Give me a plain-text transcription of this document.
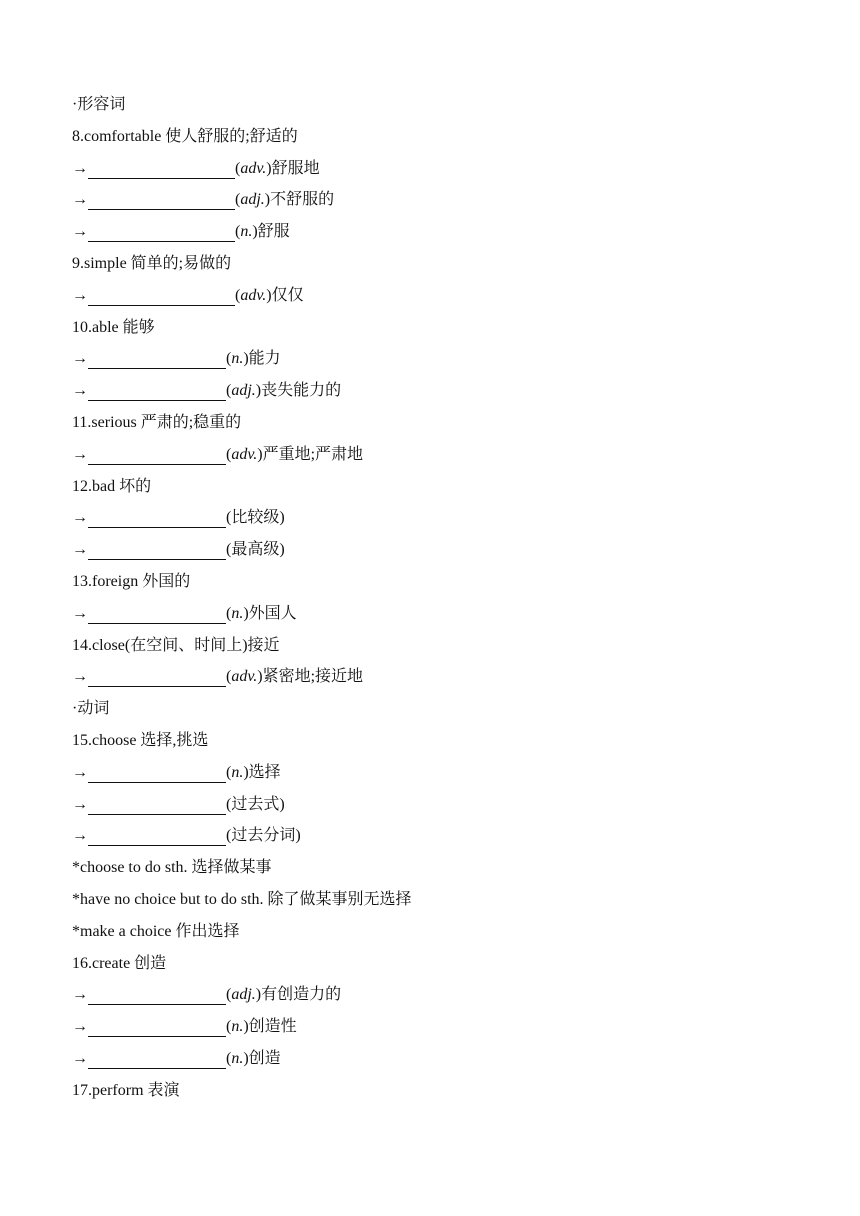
·形容词
8.comfortable 使人舒服的;舒适的
→	(adv.)舒服地
→	(adj.)不舒服的
→	(n.)舒服
9.simple 简单的;易做的
→	(adv.)仅仅
10.able 能够
→	(n.)能力
→	(adj.)丧失能力的
11.serious 严肃的;稳重的
→	(adv.)严重地;严肃地
12.bad 坏的
→	(比较级)
→	(最高级)
13.foreign 外国的
→	(n.)外国人
14.close(在空间、时间上)接近
→	(adv.)紧密地;接近地
·动词
15.choose 选择,挑选
→	(n.)选择
→	(过去式)
→	(过去分词)
*choose to do sth. 选择做某事
*have no choice but to do sth. 除了做某事别无选择
*make a choice 作出选择
16.create 创造
→	(adj.)有创造力的
→	(n.)创造性
→	(n.)创造
17.perform 表演
